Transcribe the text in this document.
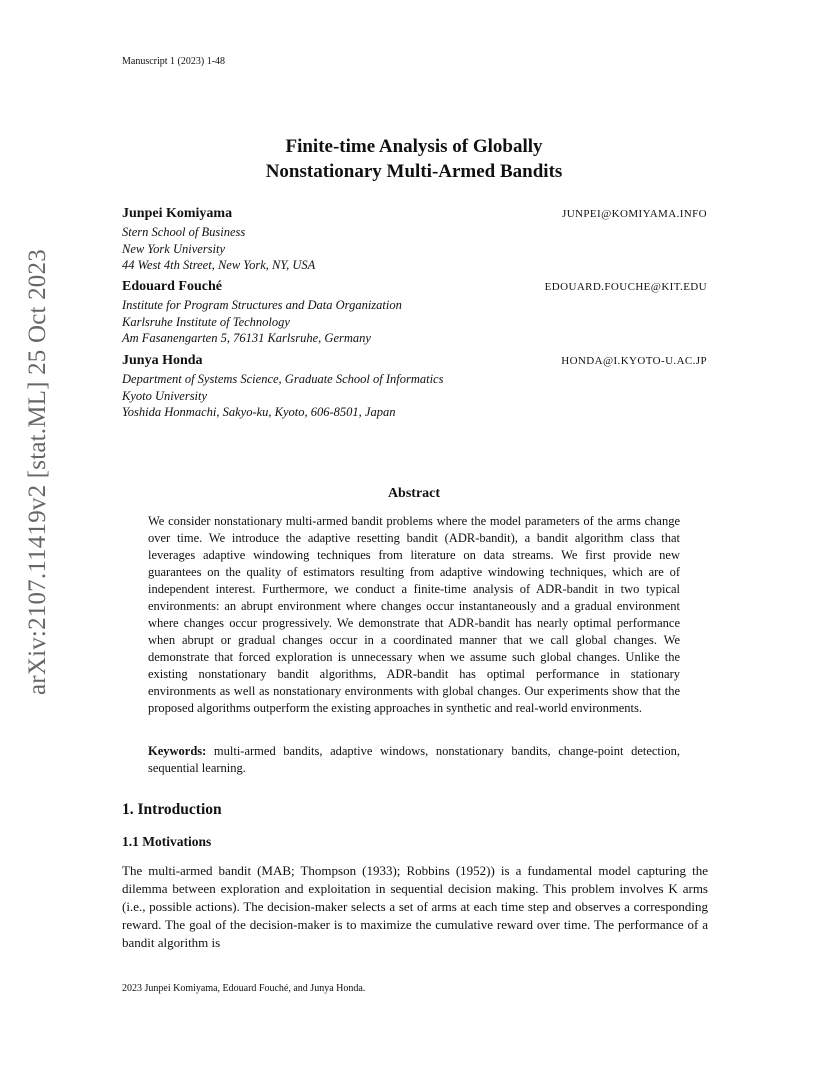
Manuscript 1 (2023) 1-48
arXiv:2107.11419v2 [stat.ML] 25 Oct 2023
Finite-time Analysis of Globally
Nonstationary Multi-Armed Bandits
Junpei Komiyama	JUNPEI@KOMIYAMA.INFO
Stern School of Business
New York University
44 West 4th Street, New York, NY, USA
Edouard Fouché	EDOUARD.FOUCHE@KIT.EDU
Institute for Program Structures and Data Organization
Karlsruhe Institute of Technology
Am Fasanengarten 5, 76131 Karlsruhe, Germany
Junya Honda	HONDA@I.KYOTO-U.AC.JP
Department of Systems Science, Graduate School of Informatics
Kyoto University
Yoshida Honmachi, Sakyo-ku, Kyoto, 606-8501, Japan
Abstract
We consider nonstationary multi-armed bandit problems where the model parameters of the arms change over time. We introduce the adaptive resetting bandit (ADR-bandit), a bandit algorithm class that leverages adaptive windowing techniques from literature on data streams. We first provide new guarantees on the quality of estimators resulting from adaptive windowing techniques, which are of independent interest. Furthermore, we conduct a finite-time analysis of ADR-bandit in two typical environments: an abrupt environment where changes occur instantaneously and a gradual environment where changes occur progressively. We demonstrate that ADR-bandit has nearly optimal performance when abrupt or gradual changes occur in a coordinated manner that we call global changes. We demonstrate that forced exploration is unnecessary when we assume such global changes. Unlike the existing nonstationary bandit algorithms, ADR-bandit has optimal performance in stationary environments as well as nonstationary environments with global changes. Our experiments show that the proposed algorithms outperform the existing approaches in synthetic and real-world environments.
Keywords: multi-armed bandits, adaptive windows, nonstationary bandits, change-point detection, sequential learning.
1. Introduction
1.1 Motivations
The multi-armed bandit (MAB; Thompson (1933); Robbins (1952)) is a fundamental model capturing the dilemma between exploration and exploitation in sequential decision making. This problem involves K arms (i.e., possible actions). The decision-maker selects a set of arms at each time step and observes a corresponding reward. The goal of the decision-maker is to maximize the cumulative reward over time. The performance of a bandit algorithm is
2023 Junpei Komiyama, Edouard Fouché, and Junya Honda.
